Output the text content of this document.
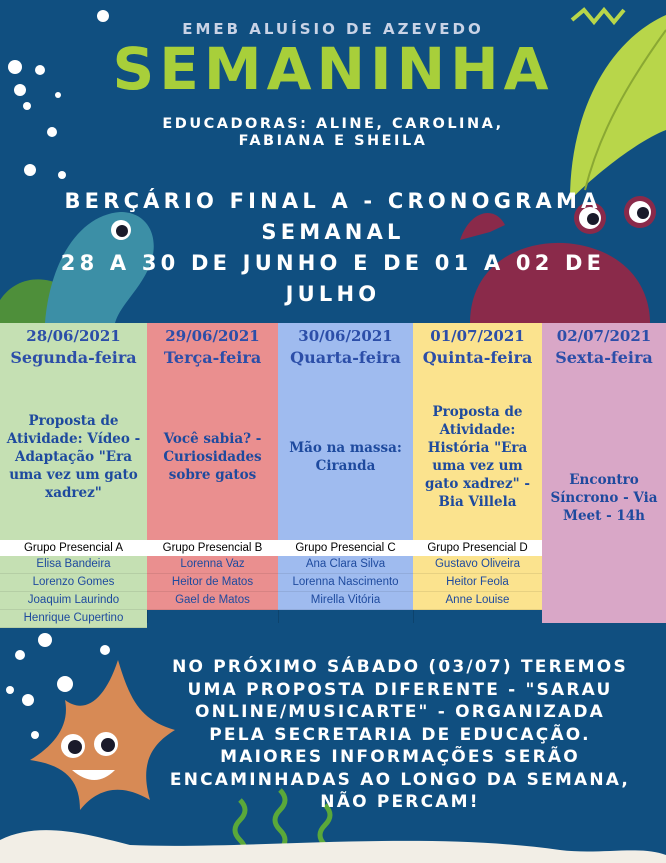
EMEB ALUÍSIO DE AZEVEDO
SEMANINHA
EDUCADORAS: ALINE, CAROLINA,
FABIANA E SHEILA
BERÇÁRIO FINAL A - CRONOGRAMA
SEMANAL
28 A 30 DE JUNHO E DE 01 A 02 DE
JULHO
28/06/2021
Segunda-feira
Proposta de Atividade: Vídeo - Adaptação "Era uma vez um gato xadrez"
Grupo Presencial A
Elisa Bandeira
Lorenzo Gomes
Joaquim Laurindo
Henrique Cupertino
29/06/2021
Terça-feira
Você sabia? - Curiosidades sobre gatos
Grupo Presencial B
Lorenna Vaz
Heitor de Matos
Gael de Matos
30/06/2021
Quarta-feira
Mão na massa: Ciranda
Grupo Presencial C
Ana Clara Silva
Lorenna Nascimento
Mirella Vitória
01/07/2021
Quinta-feira
Proposta de Atividade: História "Era uma vez um gato xadrez" - Bia Villela
Grupo Presencial D
Gustavo Oliveira
Heitor Feola
Anne Louise
02/07/2021
Sexta-feira
Encontro Síncrono - Via Meet - 14h
NO PRÓXIMO SÁBADO (03/07) TEREMOS
UMA PROPOSTA DIFERENTE - "SARAU
ONLINE/MUSICARTE" - ORGANIZADA
PELA SECRETARIA DE EDUCAÇÃO.
MAIORES INFORMAÇÕES SERÃO
ENCAMINHADAS AO LONGO DA SEMANA,
NÃO PERCAM!
